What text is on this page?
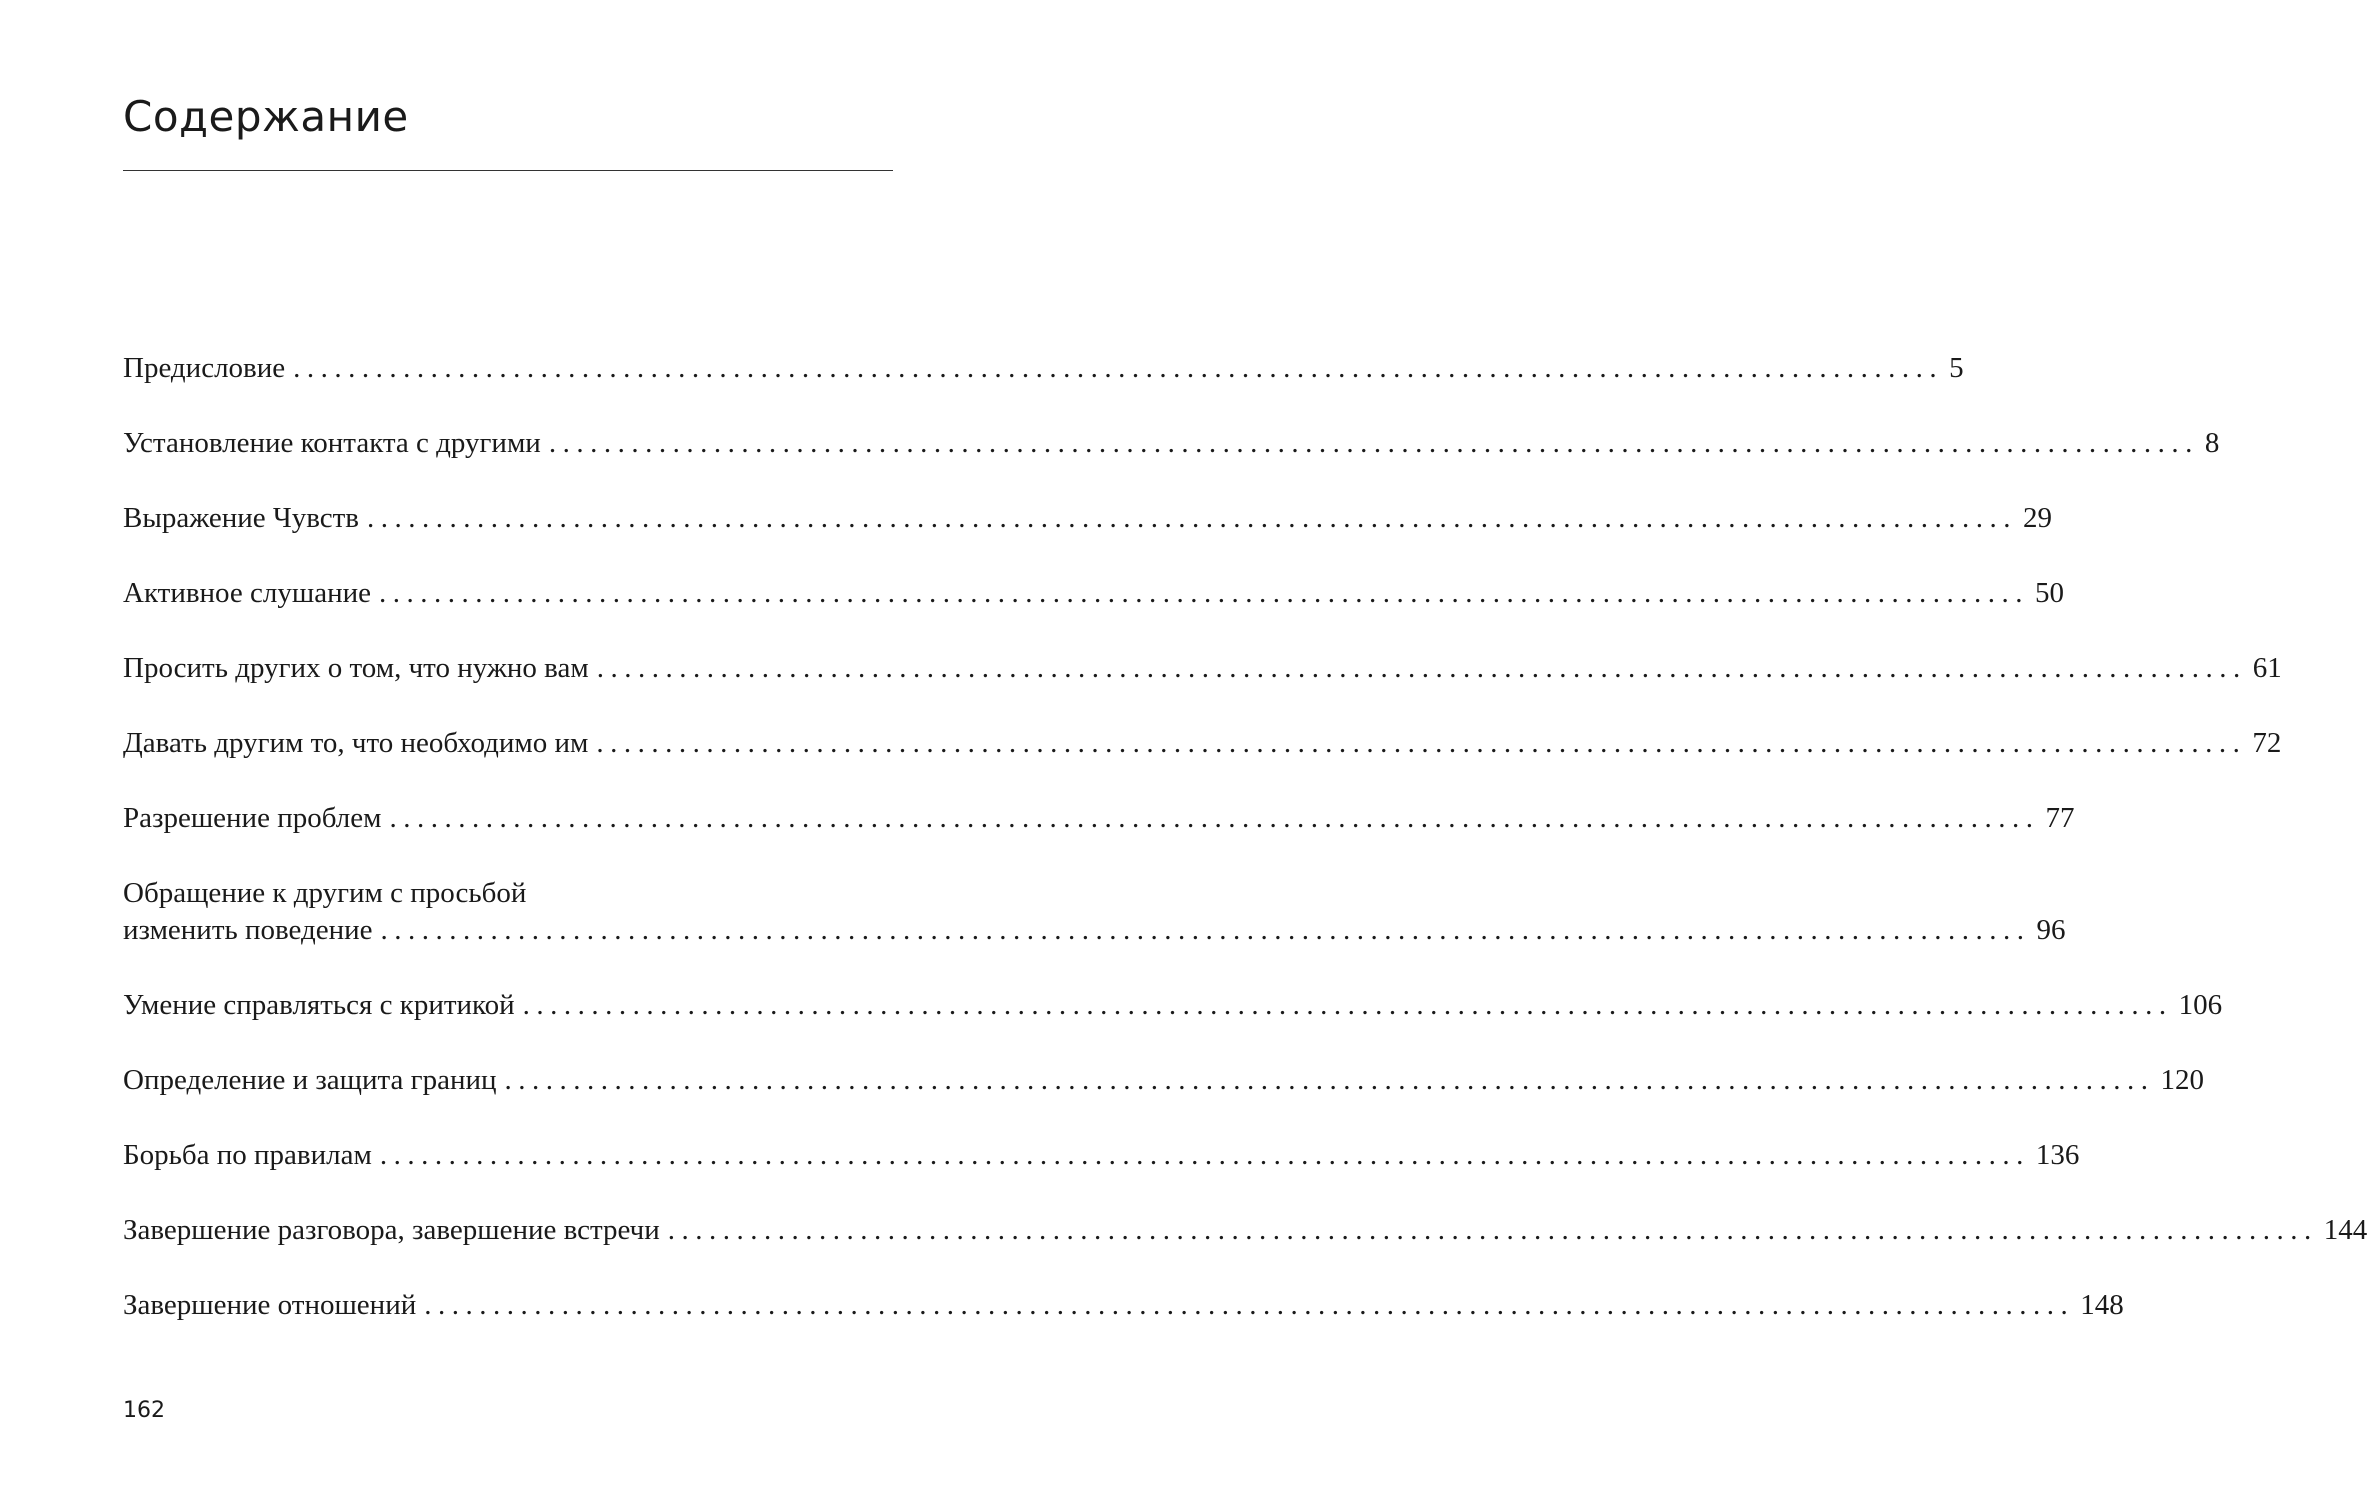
Содержание
Предисловие ........................................................................................................................ 5
Установление контакта с другими ........................................................................................................................ 8
Выражение Чувств ........................................................................................................................ 29
Активное слушание ........................................................................................................................ 50
Просить других о том, что нужно вам ........................................................................................................................ 61
Давать другим то, что необходимо им ........................................................................................................................ 72
Разрешение проблем ........................................................................................................................ 77
Обращение к другим с просьбой
изменить поведение ........................................................................................................................ 96
Умение справляться с критикой ........................................................................................................................ 106
Определение и защита границ ........................................................................................................................ 120
Борьба по правилам ........................................................................................................................ 136
Завершение разговора, завершение встречи ........................................................................................................................ 144
Завершение отношений ........................................................................................................................ 148
162
